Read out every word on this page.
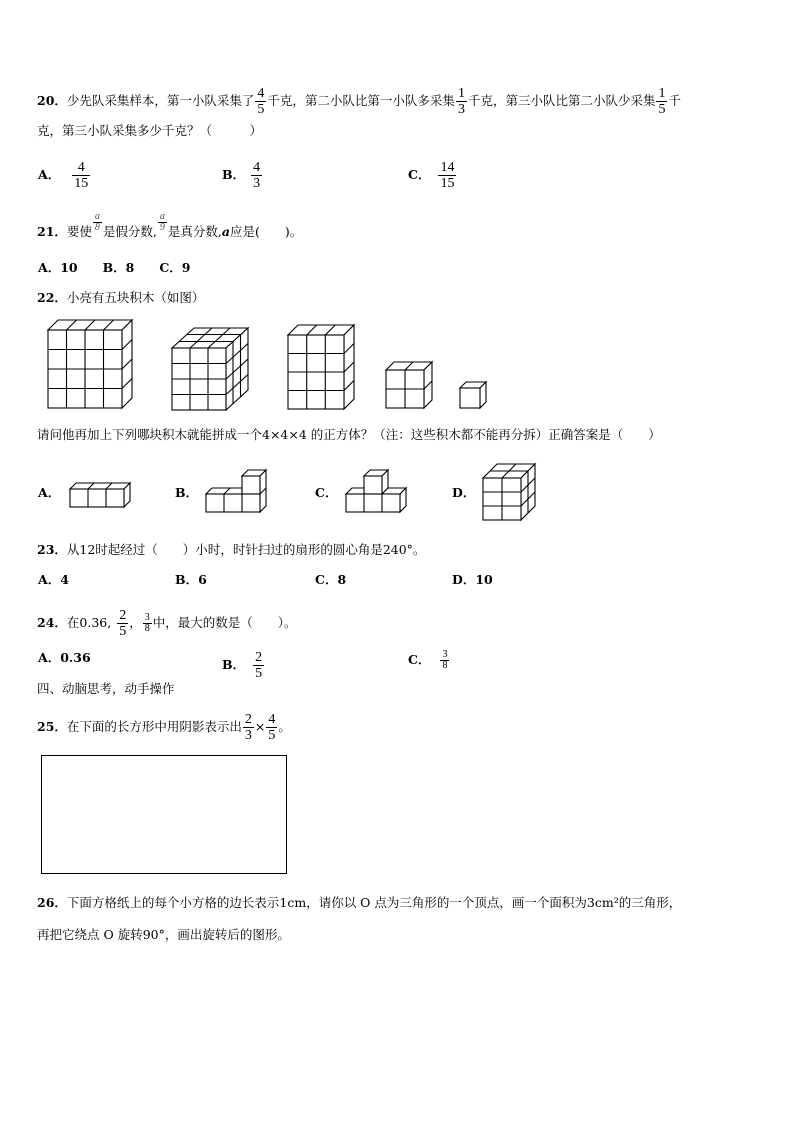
20．少先队采集样本，第一小队采集了 $\frac{4}{5}$ 千克，第二小队比第一小队多采集 $\frac{1}{3}$ 千克，第三小队比第二小队少采集 $\frac{1}{5}$ 千
克，第三小队采集多少千克？（　　　）
A． $\frac{4}{15}$	B． $\frac{4}{3}$	C． $\frac{14}{15}$
21．要使 $\frac{a}{8}$ 是假分数, $\frac{a}{9}$ 是真分数,a应是(　　)。
A．10　　B．8　　C．9
22．小亮有五块积木（如图）
请问他再加上下列哪块积木就能拼成一个4×4×4 的正方体？（注：这些积木都不能再分拆）正确答案是（　　）
A．	B．	C．	D．
23．从12时起经过（　　）小时，时针扫过的扇形的圆心角是240°。
A．4	B．6	C．8	D．10
24．在0.36, $\frac{2}{5}$ ， $\frac{3}{8}$ 中，最大的数是（　　）。
A．0.36	B． $\frac{2}{5}$	C． $\frac{3}{8}$
四、动脑思考，动手操作
25．在下面的长方形中用阴影表示出 $\frac{2}{3} \times \frac{4}{5}$ 。
26．下面方格纸上的每个小方格的边长表示1cm，请你以 O 点为三角形的一个顶点，画一个面积为3cm²的三角形，
再把它绕点 O 旋转90°，画出旋转后的图形。
